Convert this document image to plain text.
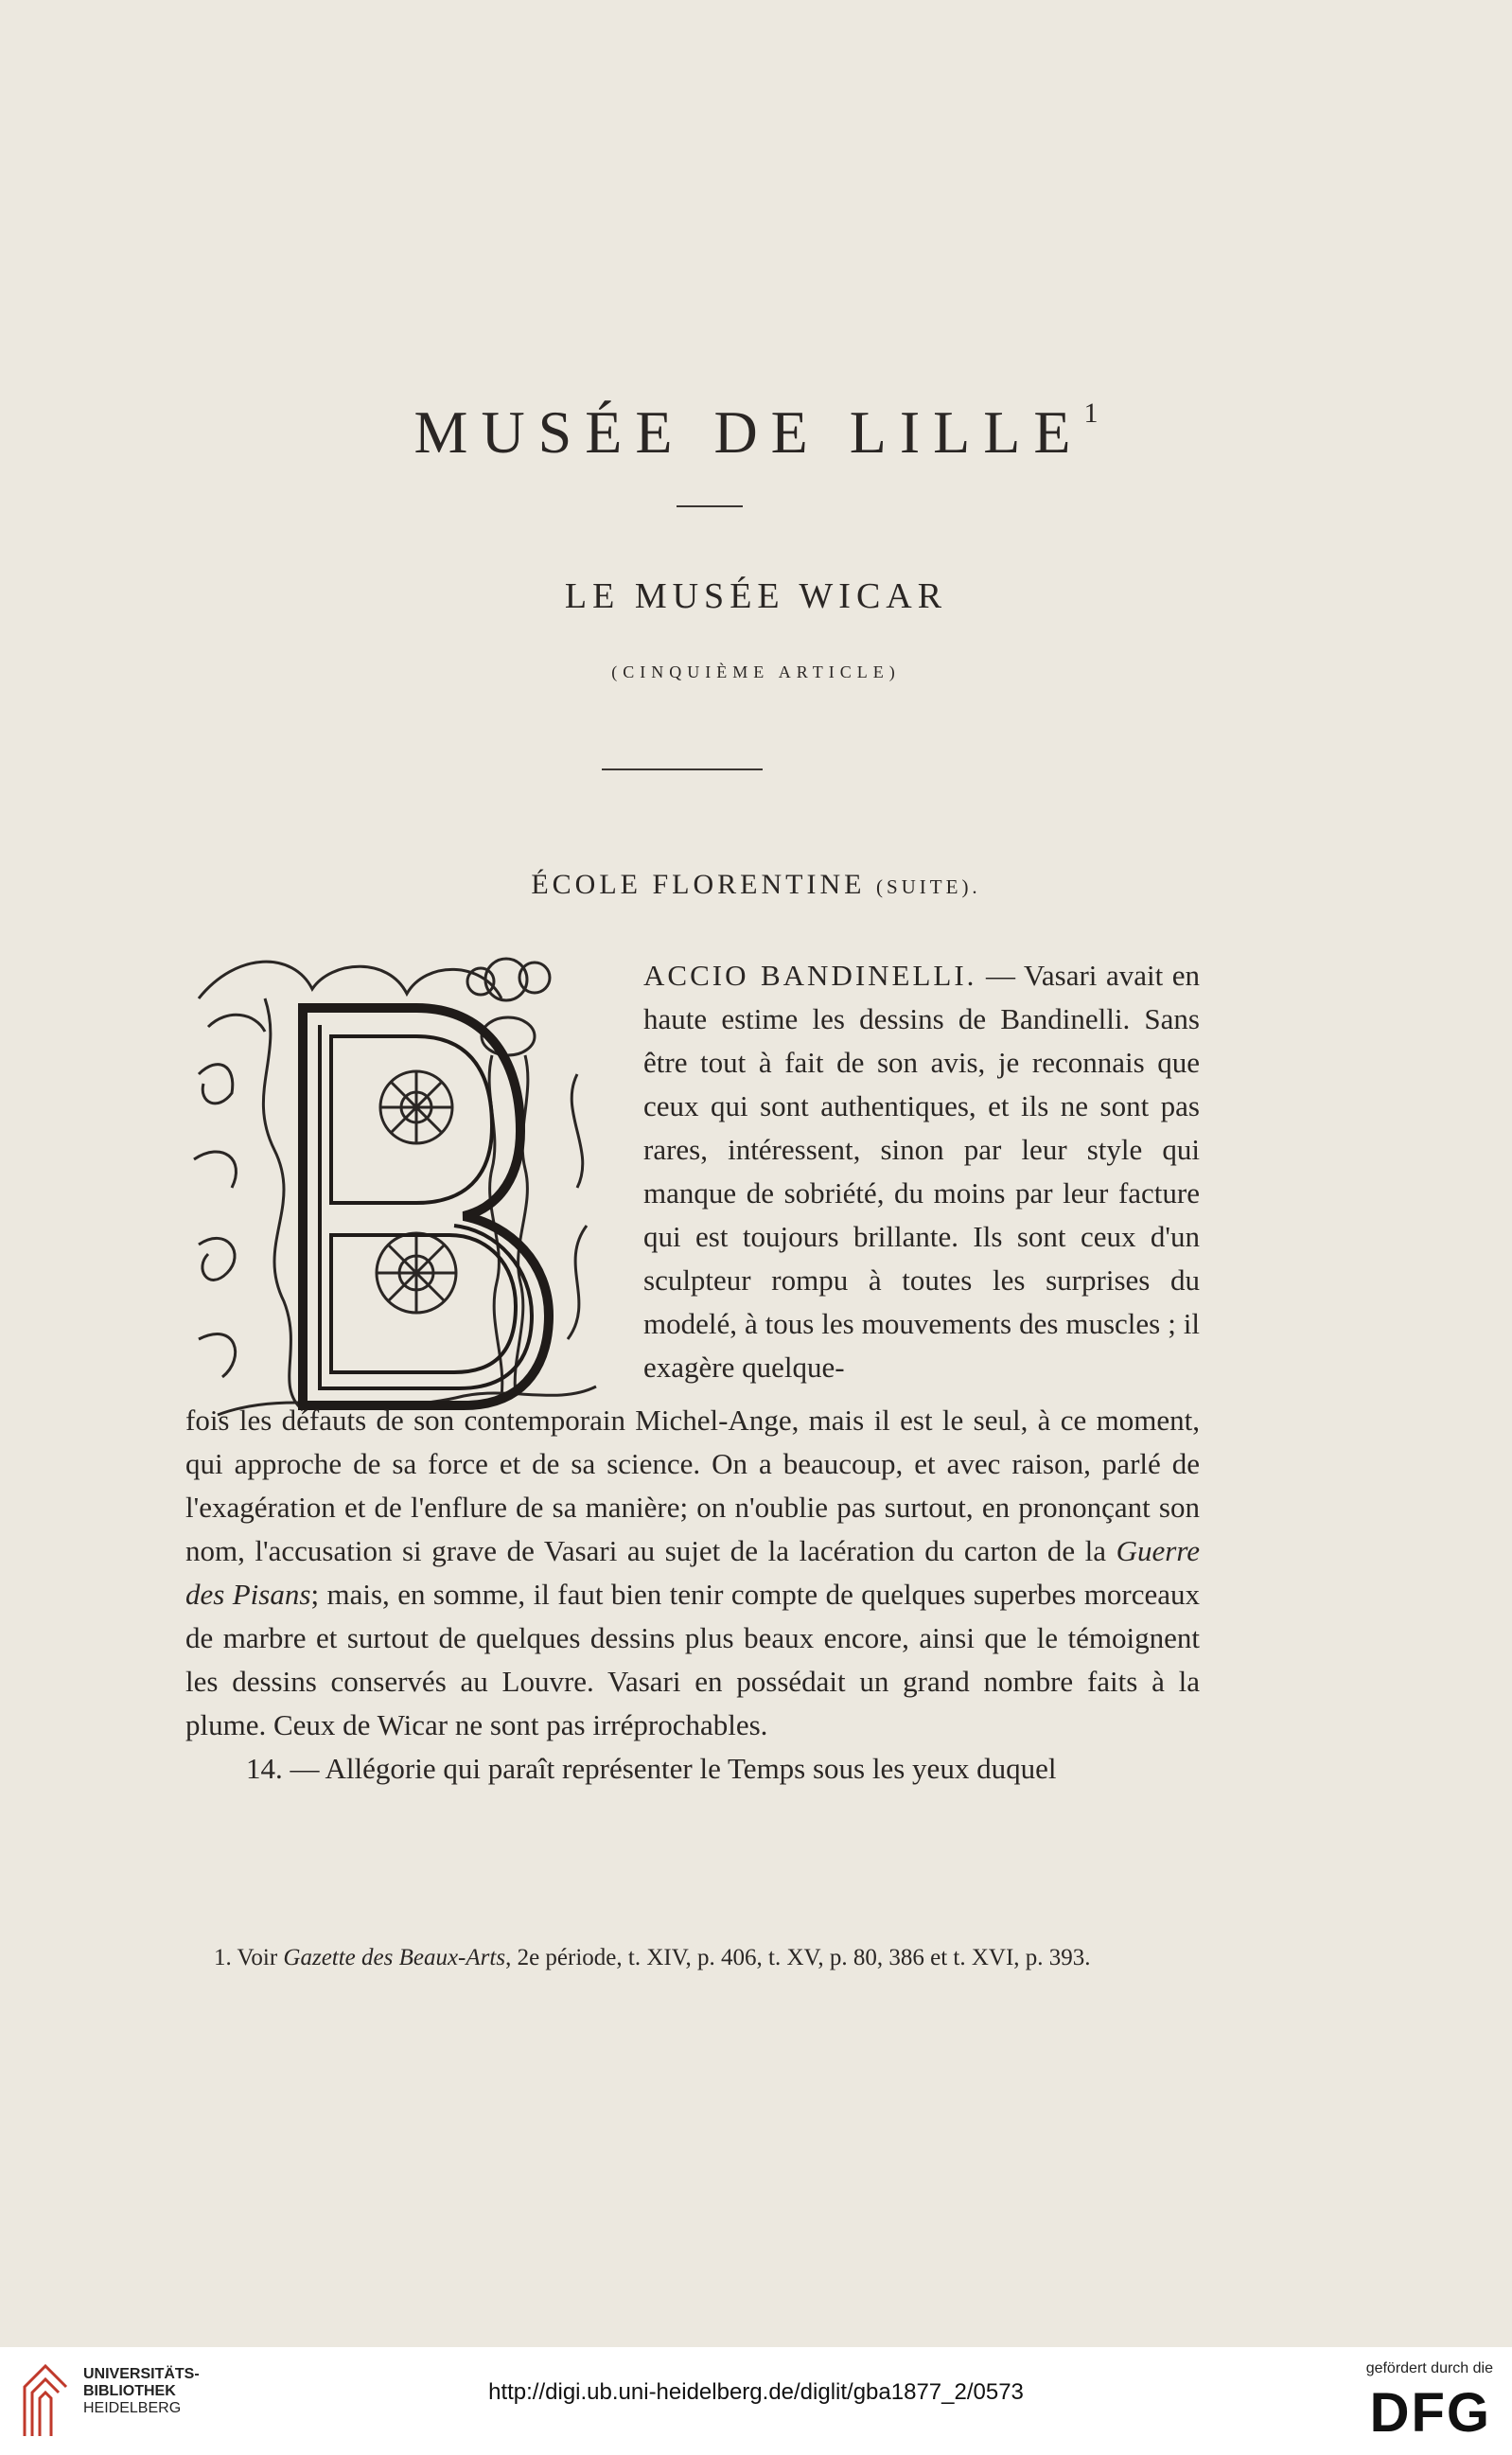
MUSÉE DE LILLE$^1$
LE MUSÉE WICAR
(CINQUIÈME ARTICLE)
ÉCOLE FLORENTINE (SUITE).

ACCIO BANDINELLI. — Vasari avait en haute estime les dessins de Bandinelli. Sans être tout à fait de son avis, je reconnais que ceux qui sont authentiques, et ils ne sont pas rares, intéressent, sinon par leur style qui manque de sobriété, du moins par leur facture qui est toujours brillante. Ils sont ceux d'un sculpteur rompu à toutes les surprises du modelé, à tous les mouvements des muscles ; il exagère quelque-

fois les défauts de son contemporain Michel-Ange, mais il est le seul, à ce moment, qui approche de sa force et de sa science. On a beaucoup, et avec raison, parlé de l'exagération et de l'enflure de sa manière; on n'oublie pas surtout, en prononçant son nom, l'accusation si grave de Vasari au sujet de la lacération du carton de la Guerre des Pisans; mais, en somme, il faut bien tenir compte de quelques superbes morceaux de marbre et surtout de quelques dessins plus beaux encore, ainsi que le témoignent les dessins conservés au Louvre. Vasari en possédait un grand nombre faits à la plume. Ceux de Wicar ne sont pas irréprochables.

14. — Allégorie qui paraît représenter le Temps sous les yeux duquel

1. Voir Gazette des Beaux-Arts, 2e période, t. XIV, p. 406, t. XV, p. 80, 386 et t. XVI, p. 393.

UNIVERSITÄTS-
BIBLIOTHEK
HEIDELBERG
http://digi.ub.uni-heidelberg.de/diglit/gba1877_2/0573
gefördert durch die
DFG
